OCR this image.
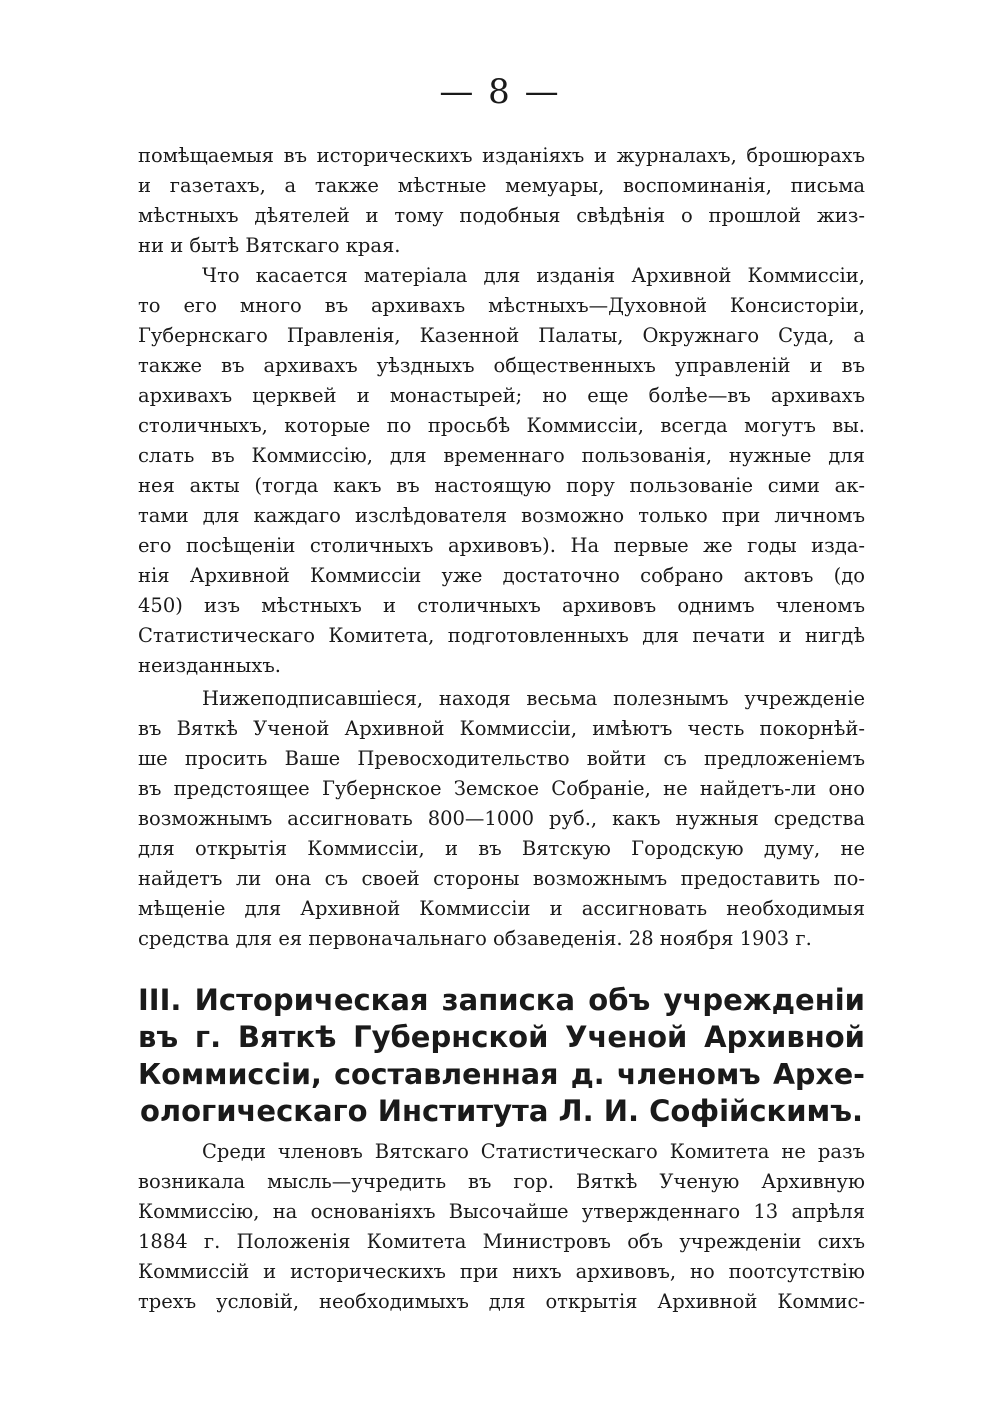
— 8 —
помѣщаемыя въ историческихъ изданіяхъ и журналахъ, брошюрахъ
и газетахъ, а также мѣстные мемуары, воспоминанія, письма
мѣстныхъ дѣятелей и тому подобныя свѣдѣнія о прошлой жиз-
ни и бытѣ Вятскаго края.
Что касается матеріала для изданія Архивной Коммиссіи,
то его много въ архивахъ мѣстныхъ—Духовной Консисторіи,
Губернскаго Правленія, Казенной Палаты, Окружнаго Суда, а
также въ архивахъ уѣздныхъ общественныхъ управленій и въ
архивахъ церквей и монастырей; но еще болѣе—въ архивахъ
столичныхъ, которые по просьбѣ Коммиссіи, всегда могутъ вы.
слать въ Коммиссію, для временнаго пользованія, нужные для
нея акты (тогда какъ въ настоящую пору пользованіе сими ак-
тами для каждаго изслѣдователя возможно только при личномъ
его посѣщеніи столичныхъ архивовъ). На первые же годы изда-
нія Архивной Коммиссіи уже достаточно собрано актовъ (до
450) изъ мѣстныхъ и столичныхъ архивовъ однимъ членомъ
Статистическаго Комитета, подготовленныхъ для печати и нигдѣ
неизданныхъ.
Нижеподписавшіеся, находя весьма полезнымъ учрежденіе
въ Вяткѣ Ученой Архивной Коммиссіи, имѣютъ честь покорнѣй-
ше просить Ваше Превосходительство войти съ предложеніемъ
въ предстоящее Губернское Земское Собраніе, не найдетъ-ли оно
возможнымъ ассигновать 800—1000 руб., какъ нужныя средства
для открытія Коммиссіи, и въ Вятскую Городскую думу, не
найдетъ ли она съ своей стороны возможнымъ предоставить по-
мѣщеніе для Архивной Коммиссіи и ассигновать необходимыя
средства для ея первоначальнаго обзаведенія. 28 ноября 1903 г.
III. Историческая записка объ учрежденіи
въ г. Вяткѣ Губернской Ученой Архивной
Коммиссіи, составленная д. членомъ Архе-
ологическаго Института Л. И. Софійскимъ.
Среди членовъ Вятскаго Статистическаго Комитета не разъ
возникала мысль—учредить въ гор. Вяткѣ Ученую Архивную
Коммиссію, на основаніяхъ Высочайше утвержденнаго 13 апрѣля
1884 г. Положенія Комитета Министровъ объ учрежденіи сихъ
Коммиссій и историческихъ при нихъ архивовъ, но поотсутствію
трехъ условій, необходимыхъ для открытія Архивной Коммис-
